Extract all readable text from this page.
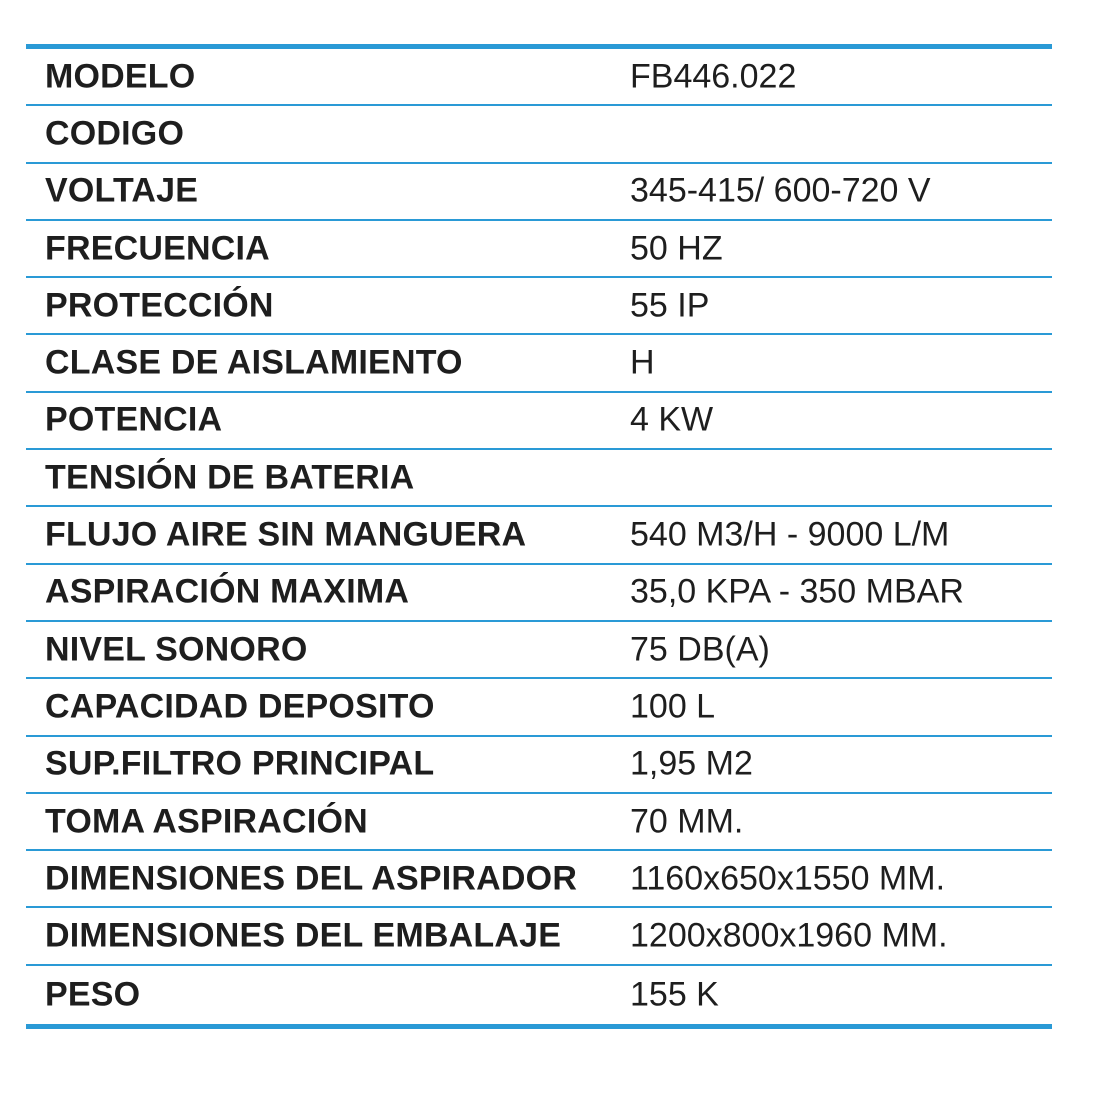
MODELO	FB446.022
CODIGO
VOLTAJE	345-415/ 600-720 V
FRECUENCIA	50 HZ
PROTECCIÓN	55 IP
CLASE DE AISLAMIENTO	H
POTENCIA	4 KW
TENSIÓN DE BATERIA
FLUJO AIRE SIN MANGUERA	540 M3/H - 9000 L/M
ASPIRACIÓN MAXIMA	35,0 KPA - 350 MBAR
NIVEL SONORO	75 DB(A)
CAPACIDAD DEPOSITO	100 L
SUP.FILTRO PRINCIPAL	1,95 M2
TOMA ASPIRACIÓN	70 MM.
DIMENSIONES DEL ASPIRADOR 1160x650x1550 MM.
DIMENSIONES DEL EMBALAJE 1200x800x1960 MM.
PESO	155 K
